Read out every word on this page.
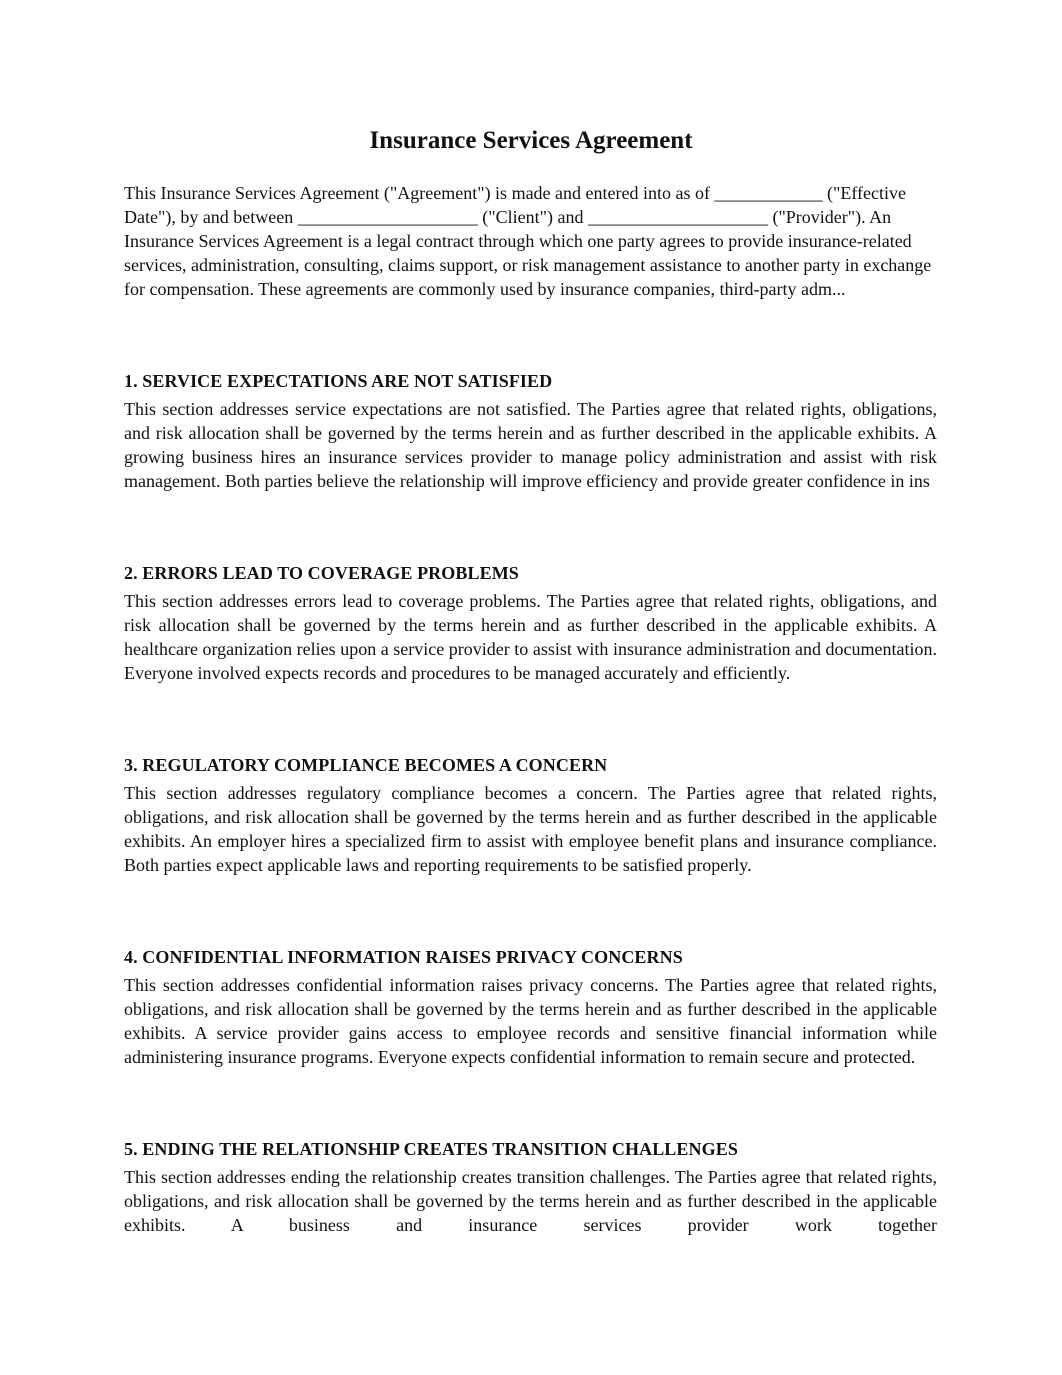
Insurance Services Agreement

This Insurance Services Agreement ("Agreement") is made and entered into as of ____________ ("Effective Date"), by and between ____________________ ("Client") and ____________________ ("Provider"). An Insurance Services Agreement is a legal contract through which one party agrees to provide insurance-related services, administration, consulting, claims support, or risk management assistance to another party in exchange for compensation. These agreements are commonly used by insurance companies, third-party adm...

1. SERVICE EXPECTATIONS ARE NOT SATISFIED

This section addresses service expectations are not satisfied. The Parties agree that related rights, obligations, and risk allocation shall be governed by the terms herein and as further described in the applicable exhibits. A growing business hires an insurance services provider to manage policy administration and assist with risk management. Both parties believe the relationship will improve efficiency and provide greater confidence in ins

2. ERRORS LEAD TO COVERAGE PROBLEMS

This section addresses errors lead to coverage problems. The Parties agree that related rights, obligations, and risk allocation shall be governed by the terms herein and as further described in the applicable exhibits. A healthcare organization relies upon a service provider to assist with insurance administration and documentation. Everyone involved expects records and procedures to be managed accurately and efficiently.

3. REGULATORY COMPLIANCE BECOMES A CONCERN

This section addresses regulatory compliance becomes a concern. The Parties agree that related rights, obligations, and risk allocation shall be governed by the terms herein and as further described in the applicable exhibits. An employer hires a specialized firm to assist with employee benefit plans and insurance compliance. Both parties expect applicable laws and reporting requirements to be satisfied properly.

4. CONFIDENTIAL INFORMATION RAISES PRIVACY CONCERNS

This section addresses confidential information raises privacy concerns. The Parties agree that related rights, obligations, and risk allocation shall be governed by the terms herein and as further described in the applicable exhibits. A service provider gains access to employee records and sensitive financial information while administering insurance programs. Everyone expects confidential information to remain secure and protected.

5. ENDING THE RELATIONSHIP CREATES TRANSITION CHALLENGES

This section addresses ending the relationship creates transition challenges. The Parties agree that related rights, obligations, and risk allocation shall be governed by the terms herein and as further described in the applicable exhibits. A business and insurance services provider work together
